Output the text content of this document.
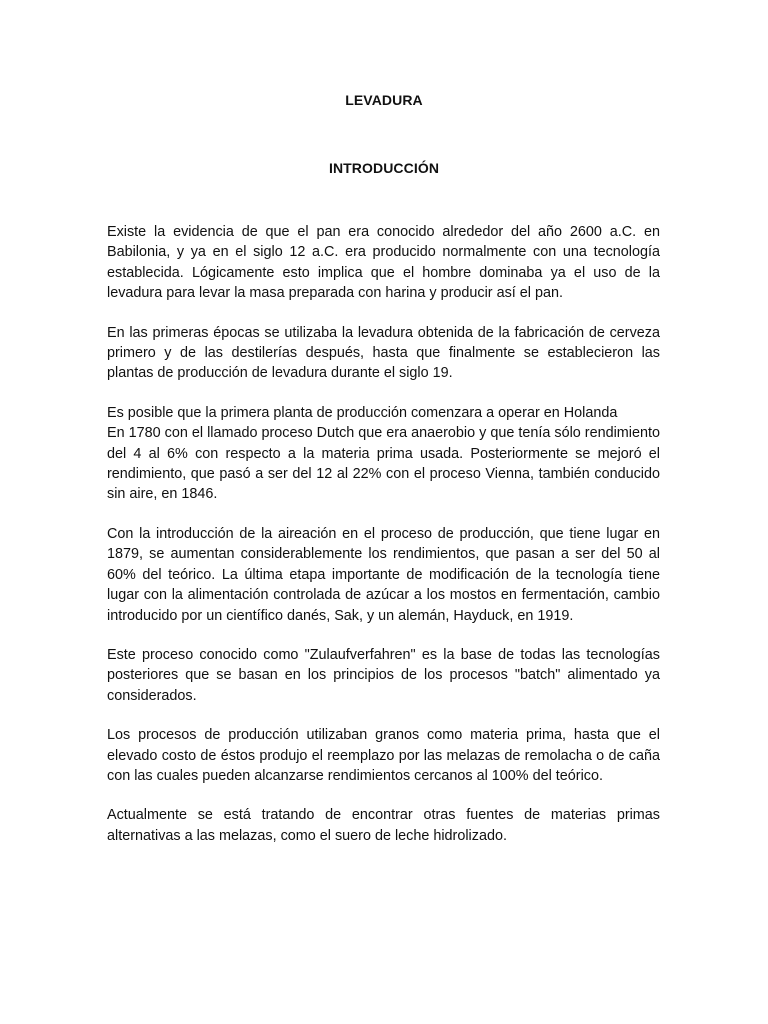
LEVADURA
INTRODUCCIÓN

Existe la evidencia de que el pan era conocido alrededor del año 2600 a.C. en Babilonia, y ya en el siglo 12 a.C. era producido normalmente con una tecnología establecida. Lógicamente esto implica que el hombre dominaba ya el uso de la levadura para levar la masa preparada con harina y producir así el pan.

En las primeras épocas se utilizaba la levadura obtenida de la fabricación de cerveza primero y de las destilerías después, hasta que finalmente se establecieron las plantas de producción de levadura durante el siglo 19.

Es posible que la primera planta de producción comenzara a operar en Holanda

En 1780 con el llamado proceso Dutch que era anaerobio y que tenía sólo rendimiento del 4 al 6% con respecto a la materia prima usada. Posteriormente se mejoró el rendimiento, que pasó a ser del 12 al 22% con el proceso Vienna, también conducido sin aire, en 1846.

Con la introducción de la aireación en el proceso de producción, que tiene lugar en 1879, se aumentan considerablemente los rendimientos, que pasan a ser del 50 al 60% del teórico. La última etapa importante de modificación de la tecnología tiene lugar con la alimentación controlada de azúcar a los mostos en fermentación, cambio introducido por un científico danés, Sak, y un alemán, Hayduck, en 1919.

Este proceso conocido como "Zulaufverfahren" es la base de todas las tecnologías posteriores que se basan en los principios de los procesos "batch" alimentado ya considerados.

Los procesos de producción utilizaban granos como materia prima, hasta que el elevado costo de éstos produjo el reemplazo por las melazas de remolacha o de caña con las cuales pueden alcanzarse rendimientos cercanos al 100% del teórico.

Actualmente se está tratando de encontrar otras fuentes de materias primas alternativas a las melazas, como el suero de leche hidrolizado.
